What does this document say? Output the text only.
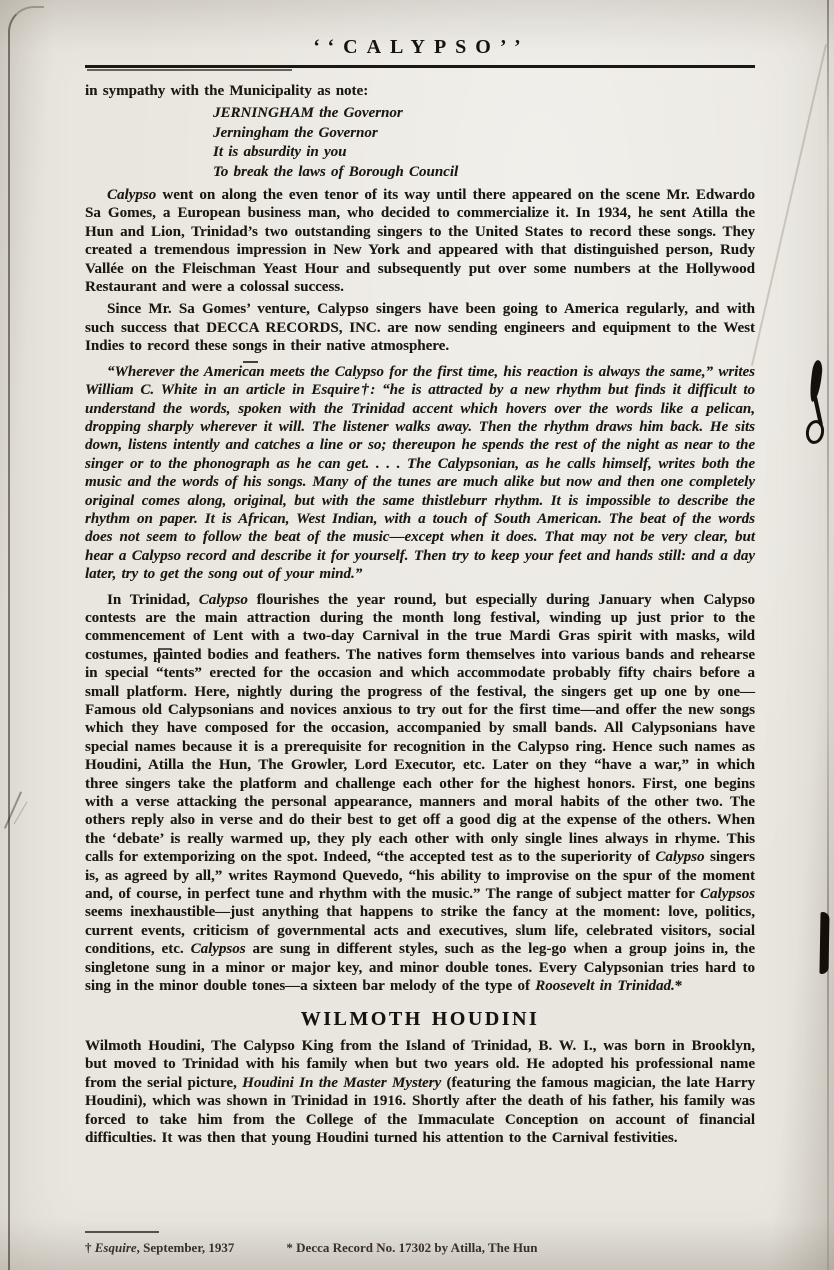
‘‘CALYPSO’’

in sympathy with the Municipality as note:

JERNINGHAM the Governor
Jerningham the Governor
It is absurdity in you
To break the laws of Borough Council

Calypso went on along the even tenor of its way until there appeared on the scene Mr. Edwardo Sa Gomes, a European business man, who decided to commercialize it. In 1934, he sent Atilla the Hun and Lion, Trinidad’s two outstanding singers to the United States to record these songs. They created a tremendous impression in New York and appeared with that distinguished person, Rudy Vallée on the Fleischman Yeast Hour and subsequently put over some numbers at the Hollywood Restaurant and were a colossal success.

Since Mr. Sa Gomes’ venture, Calypso singers have been going to America regularly, and with such success that DECCA RECORDS, INC. are now sending engineers and equipment to the West Indies to record these songs in their native atmosphere.

“Wherever the American meets the Calypso for the first time, his reaction is always the same,” writes William C. White in an article in Esquire†: “he is attracted by a new rhythm but finds it difficult to understand the words, spoken with the Trinidad accent which hovers over the words like a pelican, dropping sharply wherever it will. The listener walks away. Then the rhythm draws him back. He sits down, listens intently and catches a line or so; thereupon he spends the rest of the night as near to the singer or to the phonograph as he can get. . . . The Calypsonian, as he calls himself, writes both the music and the words of his songs. Many of the tunes are much alike but now and then one completely original comes along, original, but with the same thistleburr rhythm. It is impossible to describe the rhythm on paper. It is African, West Indian, with a touch of South American. The beat of the words does not seem to follow the beat of the music—except when it does. That may not be very clear, but hear a Calypso record and describe it for yourself. Then try to keep your feet and hands still: and a day later, try to get the song out of your mind.”

In Trinidad, Calypso flourishes the year round, but especially during January when Calypso contests are the main attraction during the month long festival, winding up just prior to the commencement of Lent with a two-day Carnival in the true Mardi Gras spirit with masks, wild costumes, painted bodies and feathers. The natives form themselves into various bands and rehearse in special “tents” erected for the occasion and which accommodate probably fifty chairs before a small platform. Here, nightly during the progress of the festival, the singers get up one by one—Famous old Calypsonians and novices anxious to try out for the first time—and offer the new songs which they have composed for the occasion, accompanied by small bands. All Calypsonians have special names because it is a prerequisite for recognition in the Calypso ring. Hence such names as Houdini, Atilla the Hun, The Growler, Lord Executor, etc. Later on they “have a war,” in which three singers take the platform and challenge each other for the highest honors. First, one begins with a verse attacking the personal appearance, manners and moral habits of the other two. The others reply also in verse and do their best to get off a good dig at the expense of the others. When the ‘debate’ is really warmed up, they ply each other with only single lines always in rhyme. This calls for extemporizing on the spot. Indeed, “the accepted test as to the superiority of Calypso singers is, as agreed by all,” writes Raymond Quevedo, “his ability to improvise on the spur of the moment and, of course, in perfect tune and rhythm with the music.” The range of subject matter for Calypsos seems inexhaustible—just anything that happens to strike the fancy at the moment: love, politics, current events, criticism of governmental acts and executives, slum life, celebrated visitors, social conditions, etc. Calypsos are sung in different styles, such as the leg-go when a group joins in, the singletone sung in a minor or major key, and minor double tones. Every Calypsonian tries hard to sing in the minor double tones—a sixteen bar melody of the type of Roosevelt in Trinidad.*

WILMOTH HOUDINI

Wilmoth Houdini, The Calypso King from the Island of Trinidad, B. W. I., was born in Brooklyn, but moved to Trinidad with his family when but two years old. He adopted his professional name from the serial picture, Houdini In the Master Mystery (featuring the famous magician, the late Harry Houdini), which was shown in Trinidad in 1916. Shortly after the death of his father, his family was forced to take him from the College of the Immaculate Conception on account of financial difficulties. It was then that young Houdini turned his attention to the Carnival festivities.

† Esquire, September, 1937	* Decca Record No. 17302 by Atilla, The Hun
